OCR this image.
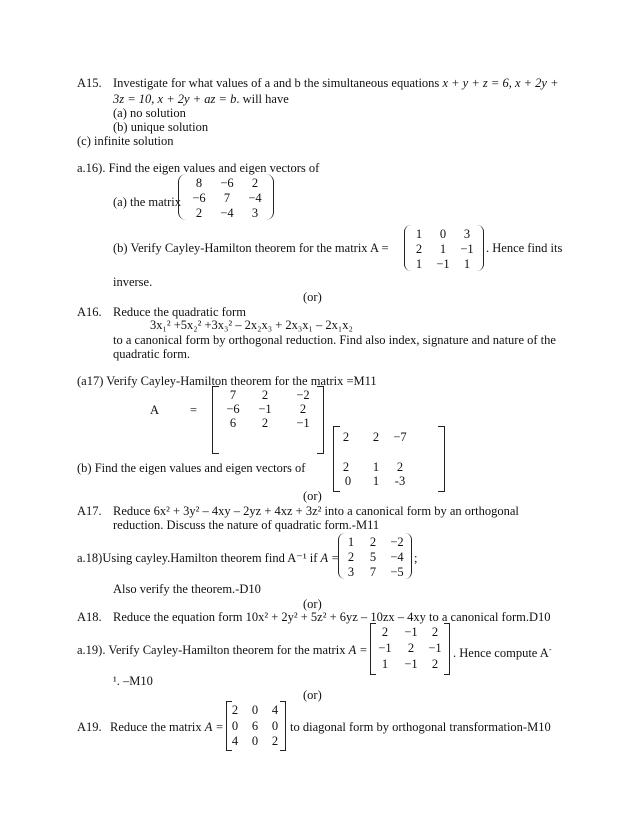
A15. Investigate for what values of a and b the simultaneous equations x + y + z = 6, x + 2y +
3z = 10, x + 2y + az = b. will have
(a) no solution
(b) unique solution
(c) infinite solution
a.16). Find the eigen values and eigen vectors of
(a) the matrix
8	−6	2
−6	7	−4
2	−4	3
(b) Verify Cayley-Hamilton theorem for the matrix A =
1	0	3
2	1	−1
1	−1	1
. Hence find its
inverse.
(or)
A16. Reduce the quadratic form
3x₁² +5x₂² +3x₃² – 2x₂x₃ + 2x₃x₁ – 2x₁x₂
to a canonical form by orthogonal reduction. Find also index, signature and nature of the
quadratic form.
(a17) Verify Cayley-Hamilton theorem for the matrix =M11
A =
7	2	−2
−6	−1	2
6	2	−1
(b) Find the eigen values and eigen vectors of
2	2	−7
2	1	2
0	1	-3
(or)
A17. Reduce 6x² + 3y² – 4xy – 2yz + 4xz + 3z² into a canonical form by an orthogonal
reduction. Discuss the nature of quadratic form.-M11
a.18)Using cayley.Hamilton theorem find A⁻¹ if A =
1	2	−2
2	5	−4
3	7	−5
;
Also verify the theorem.-D10
(or)
A18. Reduce the equation form 10x² + 2y² + 5z² + 6yz – 10zx – 4xy to a canonical form.D10
a.19). Verify Cayley-Hamilton theorem for the matrix A =
2	−1	2
−1	2	−1
1	−1	2
. Hence compute A-
¹. –M10
(or)
A19. Reduce the matrix A =
2	0	4
0	6	0
4	0	2
to diagonal form by orthogonal transformation-M10
